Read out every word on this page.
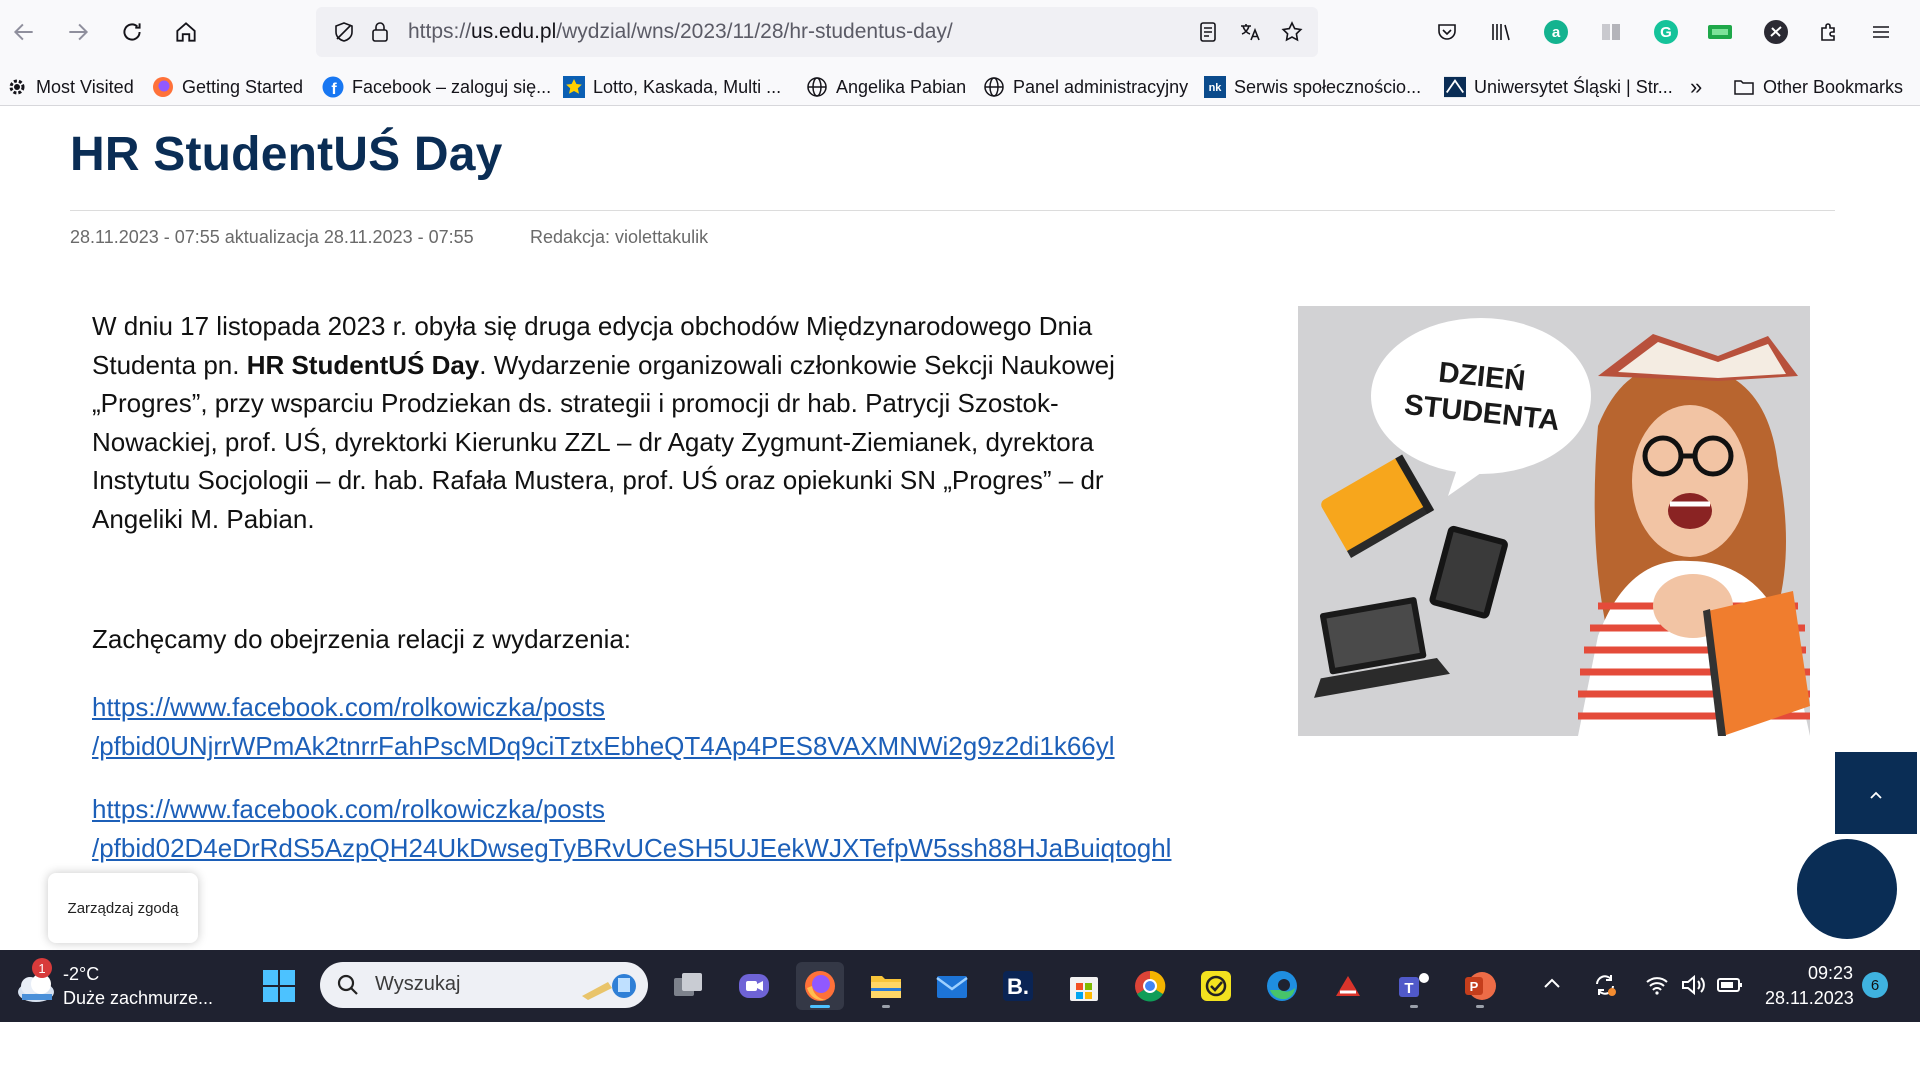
https://us.edu.pl/wydzial/wns/2023/11/28/hr-studentus-day/	a	G
Most Visited	Getting Started f Facebook – zaloguj się... Lotto, Kaskada, Multi ...	Angelika Pabian	Panel administracyjny nk Serwis społecznościo...	Uniwersytet Śląski | Str... »	Other Bookmarks
HR StudentUŚ Day
28.11.2023 - 07:55 aktualizacja 28.11.2023 - 07:55	Redakcja: violettakulik

W dniu 17 listopada 2023 r. obyła się druga edycja obchodów Międzynarodowego Dnia Studenta pn. HR StudentUŚ Day. Wydarzenie organizowali członkowie Sekcji Naukowej „Progres”, przy wsparciu Prodziekan ds. strategii i promocji dr hab. Patrycji Szostok-Nowackiej, prof. UŚ, dyrektorki Kierunku ZZL – dr Agaty Zygmunt-Ziemianek, dyrektora Instytutu Socjologii – dr. hab. Rafała Mustera, prof. UŚ oraz opiekunki SN „Progres” – dr Angeliki M. Pabian.

Zachęcamy do obejrzenia relacji z wydarzenia:
https://www.facebook.com/rolkowiczka/posts
/pfbid0UNjrrWPmAk2tnrrFahPscMDq9ciTztxEbheQT4Ap4PES8VAXMNWi2g9z2di1k66yl
https://www.facebook.com/rolkowiczka/posts
/pfbid02D4eDrRdS5AzpQH24UkDwsegTyBRvUCeSH5UJEekWJXTefpW5ssh88HJaBuiqtoghl
DZIEŃ
STUDENTA
Zarządzaj zgodą
1 -2°C
Duże zachmurze...
Wyszukaj	B.	T	P
09:23
28.11.2023
6
